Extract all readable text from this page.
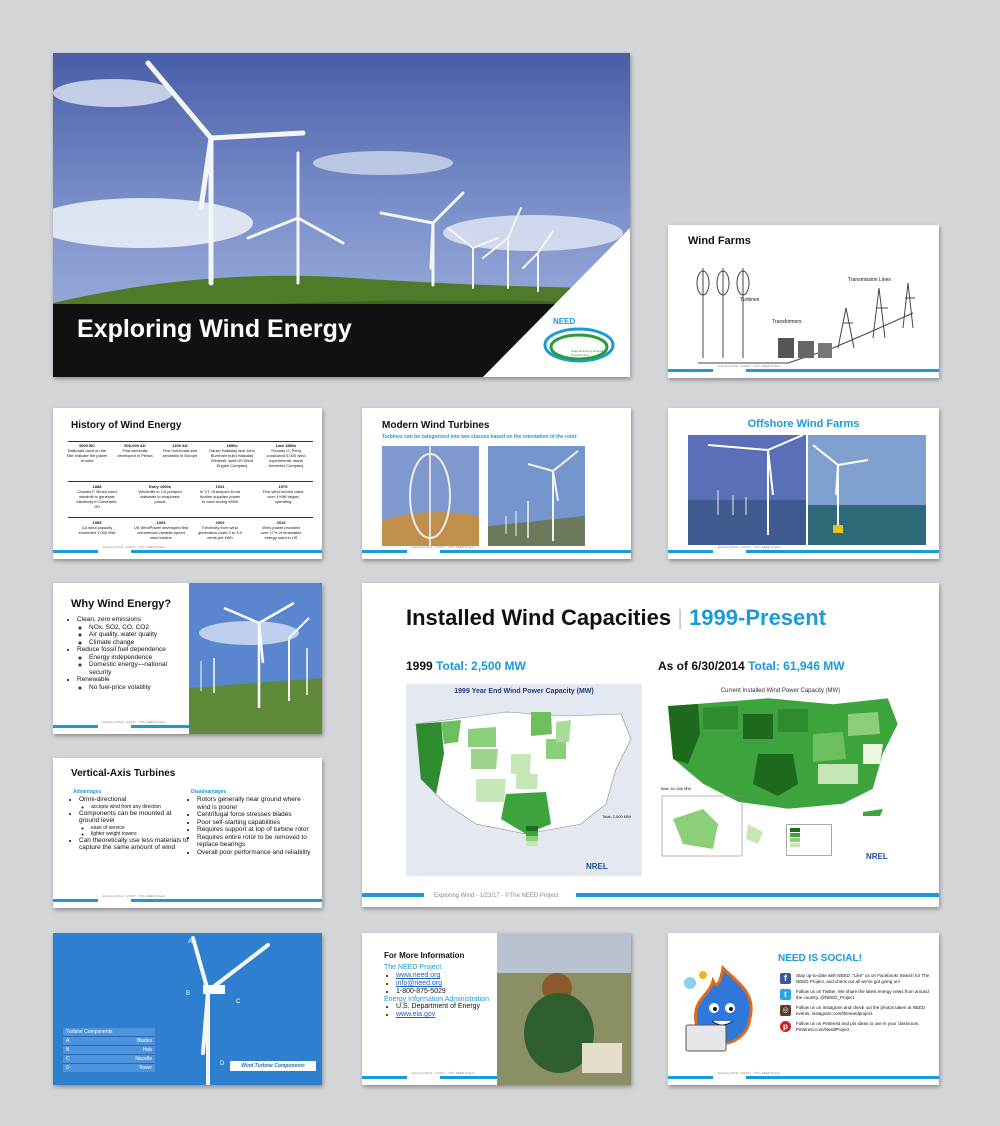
Exploring Wind Energy	NEED
National Energy Education Development
Wind Farms
Turbines
Transformers
Transmission Lines
Exploring Wind - 1/23/17 - ©The NEED Project
History of Wind Energy
5000 BC
Sailboats used on the Nile indicate the power of wind
500-900 AD
First windmills developed in Persia
1300 AD
First horizontal-axis windmills in Europe
1850s
Daniel Halladay and John Burnham build Halladay Windmill; start US Wind Engine Company
Late 1880s
Thomas O. Perry conducted 5,000 wind experiments; starts Aermotor Company
1888
Charles F. Brush used windmill to generate electricity in Cleveland, OH
Early 1900s
Windmills in CA pumped saltwater to evaporate ponds
1941
In VT, Grandpa's Knob turbine supplies power to town during WWII
1979
First wind turbine rated over 1 MW began operating
1985
CA wind capacity exceeded 1,000 MW
1993
US WindPower developed first commercial variable-speed wind turbine
2004
Electricity from wind generation costs 3 to 4.5 cents per kWh
2013
Wind power provided over 17% of renewable energy used in US
Exploring Wind - 1/23/17 - ©The NEED Project
Modern Wind Turbines
Turbines can be categorized into two classes based on the orientation of the rotor.
Exploring Wind - 1/23/17 - ©The NEED Project
Offshore Wind Farms
Exploring Wind - 1/23/17 - ©The NEED Project
Why Wind Energy?
• Clean, zero emissions
◦ NOx, SO2, CO, CO2
◦ Air quality, water quality
◦ Climate change
• Reduce fossil fuel dependence
◦ Energy independence
◦ Domestic energy—national security
• Renewable
◦ No fuel-price volatility
Exploring Wind - 1/23/17 - ©The NEED Project
Vertical-Axis Turbines
Advantages	Disadvantages
• Omni-directional
◦ accepts wind from any direction
• Components can be mounted at ground level
◦ ease of service
◦ lighter weight towers
• Can theoretically use less materials to capture the same amount of wind
• Rotors generally near ground where wind is poorer
• Centrifugal force stresses blades
• Poor self-starting capabilities
• Requires support at top of turbine rotor
• Requires entire rotor to be removed to replace bearings
• Overall poor performance and reliability
Exploring Wind - 1/23/17 - ©The NEED Project
Installed Wind Capacities | 1999-Present
1999 Total: 2,500 MW	As of 6/30/2014 Total: 61,946 MW
1999 Year End Wind Power Capacity (MW)
Total: 2,500 MW
NREL
Current Installed Wind Power Capacity (MW)
Total: 61,946 MW
NREL
Exploring Wind - 1/23/17 - ©The NEED Project
A
B
C
D
Turbine Components
A	Blades
B	Hub
C	Nacelle
D	Tower	Wind Turbine Components
For More Information
The NEED Project
• www.need.org
• info@need.org
• 1-800-875-5029
Energy Information Administration
• U.S. Department of Energy
• www.eia.gov
Exploring Wind - 1/23/17 - ©The NEED Project
NEED IS SOCIAL!
f	Stay up-to-date with NEED. "Like" us on Facebook! Search for The NEED Project, and check out all we've got going on!
t	Follow us on Twitter. We share the latest energy news from around the country, @NEED_Project.
◎	Follow us on Instagram and check out the photos taken at NEED events, instagram.com/theneedproject.
p	Follow us on Pinterest and pin ideas to use in your classroom, Pinterest.com/NeedProject.
Exploring Wind - 1/23/17 - ©The NEED Project
